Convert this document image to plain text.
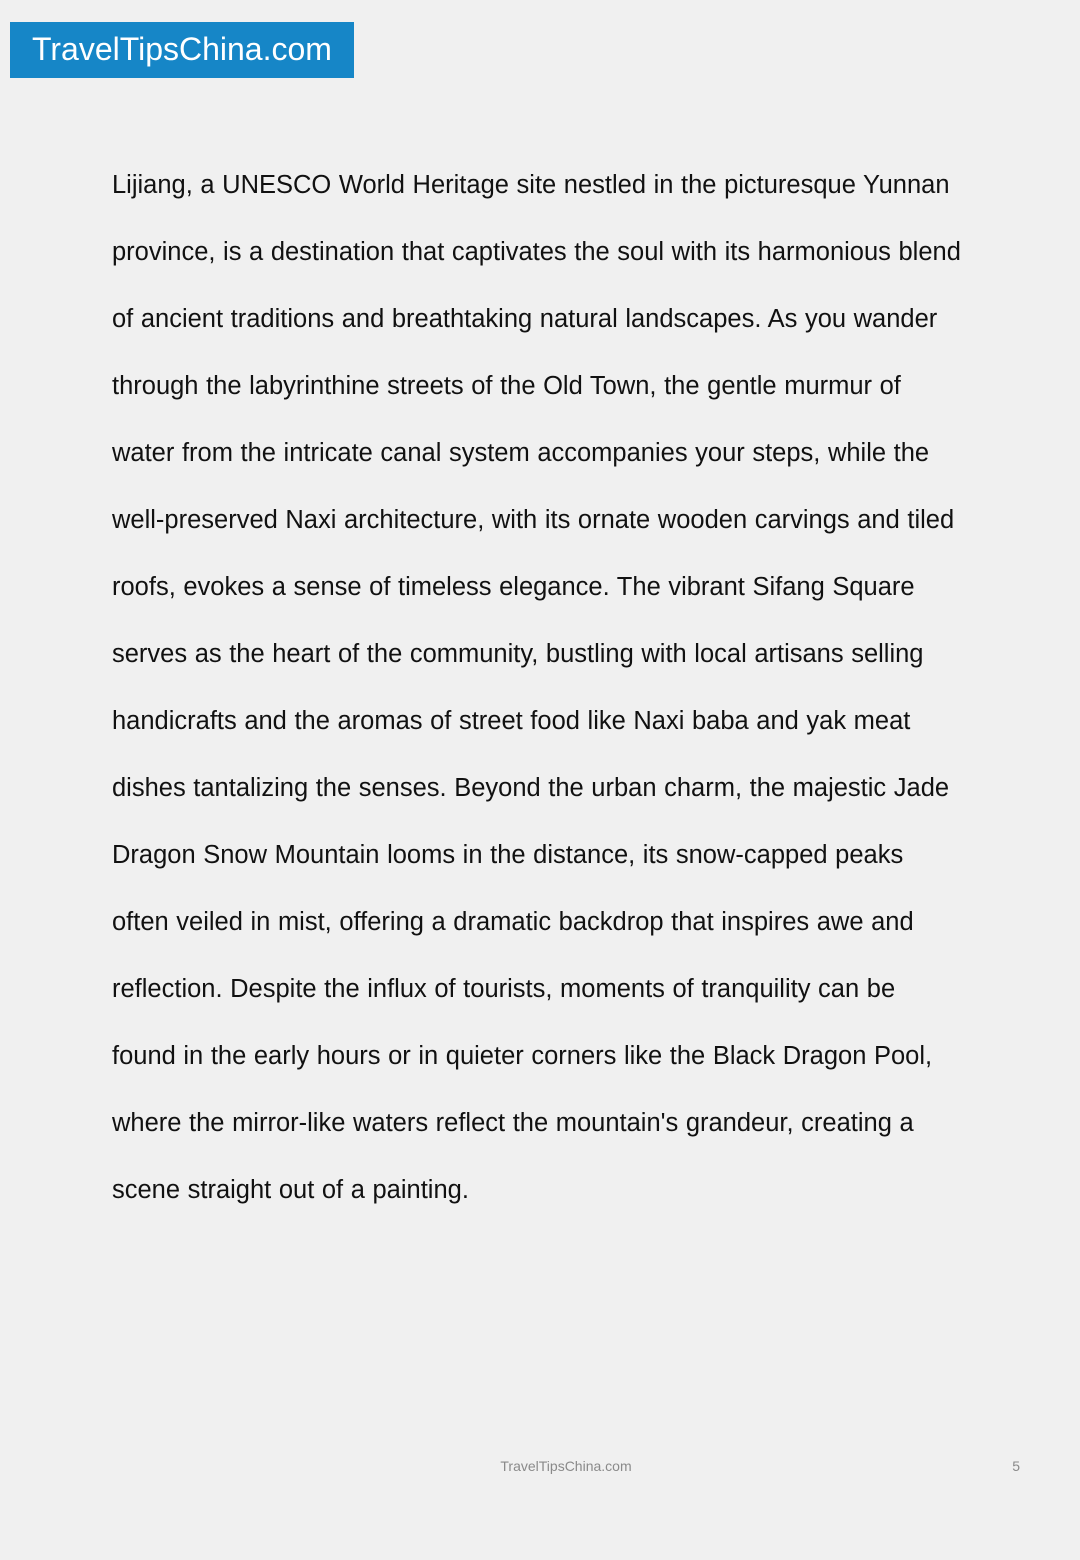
TravelTipsChina.com

Lijiang, a UNESCO World Heritage site nestled in the picturesque Yunnan province, is a destination that captivates the soul with its harmonious blend of ancient traditions and breathtaking natural landscapes. As you wander through the labyrinthine streets of the Old Town, the gentle murmur of water from the intricate canal system accompanies your steps, while the well-preserved Naxi architecture, with its ornate wooden carvings and tiled roofs, evokes a sense of timeless elegance. The vibrant Sifang Square serves as the heart of the community, bustling with local artisans selling handicrafts and the aromas of street food like Naxi baba and yak meat dishes tantalizing the senses. Beyond the urban charm, the majestic Jade Dragon Snow Mountain looms in the distance, its snow-capped peaks often veiled in mist, offering a dramatic backdrop that inspires awe and reflection. Despite the influx of tourists, moments of tranquility can be found in the early hours or in quieter corners like the Black Dragon Pool, where the mirror-like waters reflect the mountain's grandeur, creating a scene straight out of a painting.

TravelTipsChina.com	5
